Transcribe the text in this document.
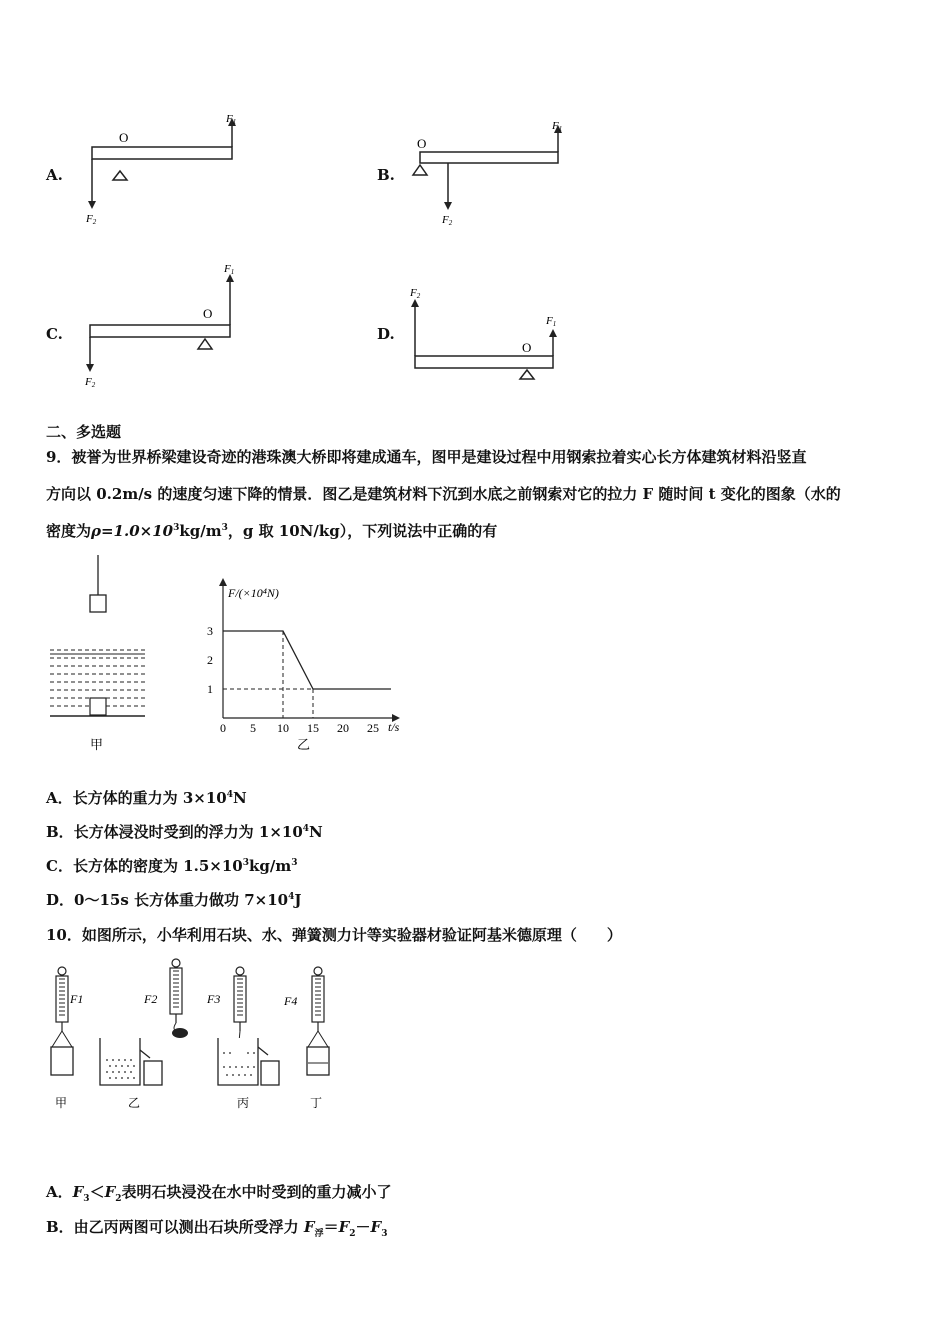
A.
O
F1
F2
B.
O
F1
F2
C.
O
F1
F2
D.
O
F2
F1
二、多选题
9．被誉为世界桥梁建设奇迹的港珠澳大桥即将建成通车，图甲是建设过程中用钢索拉着实心长方体建筑材料沿竖直
方向以 0.2m/s 的速度匀速下降的情景．图乙是建筑材料下沉到水底之前钢索对它的拉力 F 随时间 t 变化的图象（水的
密度为$\rho=1.0\times 10^3kg/m^3$，g 取 10N/kg），下列说法中正确的有
甲
F/(×10⁴N)
0 5 10 15 20 25
1
2
3
t/s
乙
A．长方体的重力为 $3\times 10^4N$
B．长方体浸没时受到的浮力为 $1\times 10^4N$
C．长方体的密度为 $1.5\times 10^3kg/m^3$
D．0～15s 长方体重力做功 $7\times 10^4J$
10．如图所示，小华利用石块、水、弹簧测力计等实验器材验证阿基米德原理（　　）
F1	F2	F3	F4
甲	乙	丙	丁
A．$F_3<F_2$表明石块浸没在水中时受到的重力减小了
B．由乙丙两图可以测出石块所受浮力 $F_浮=F_2-F_3$
